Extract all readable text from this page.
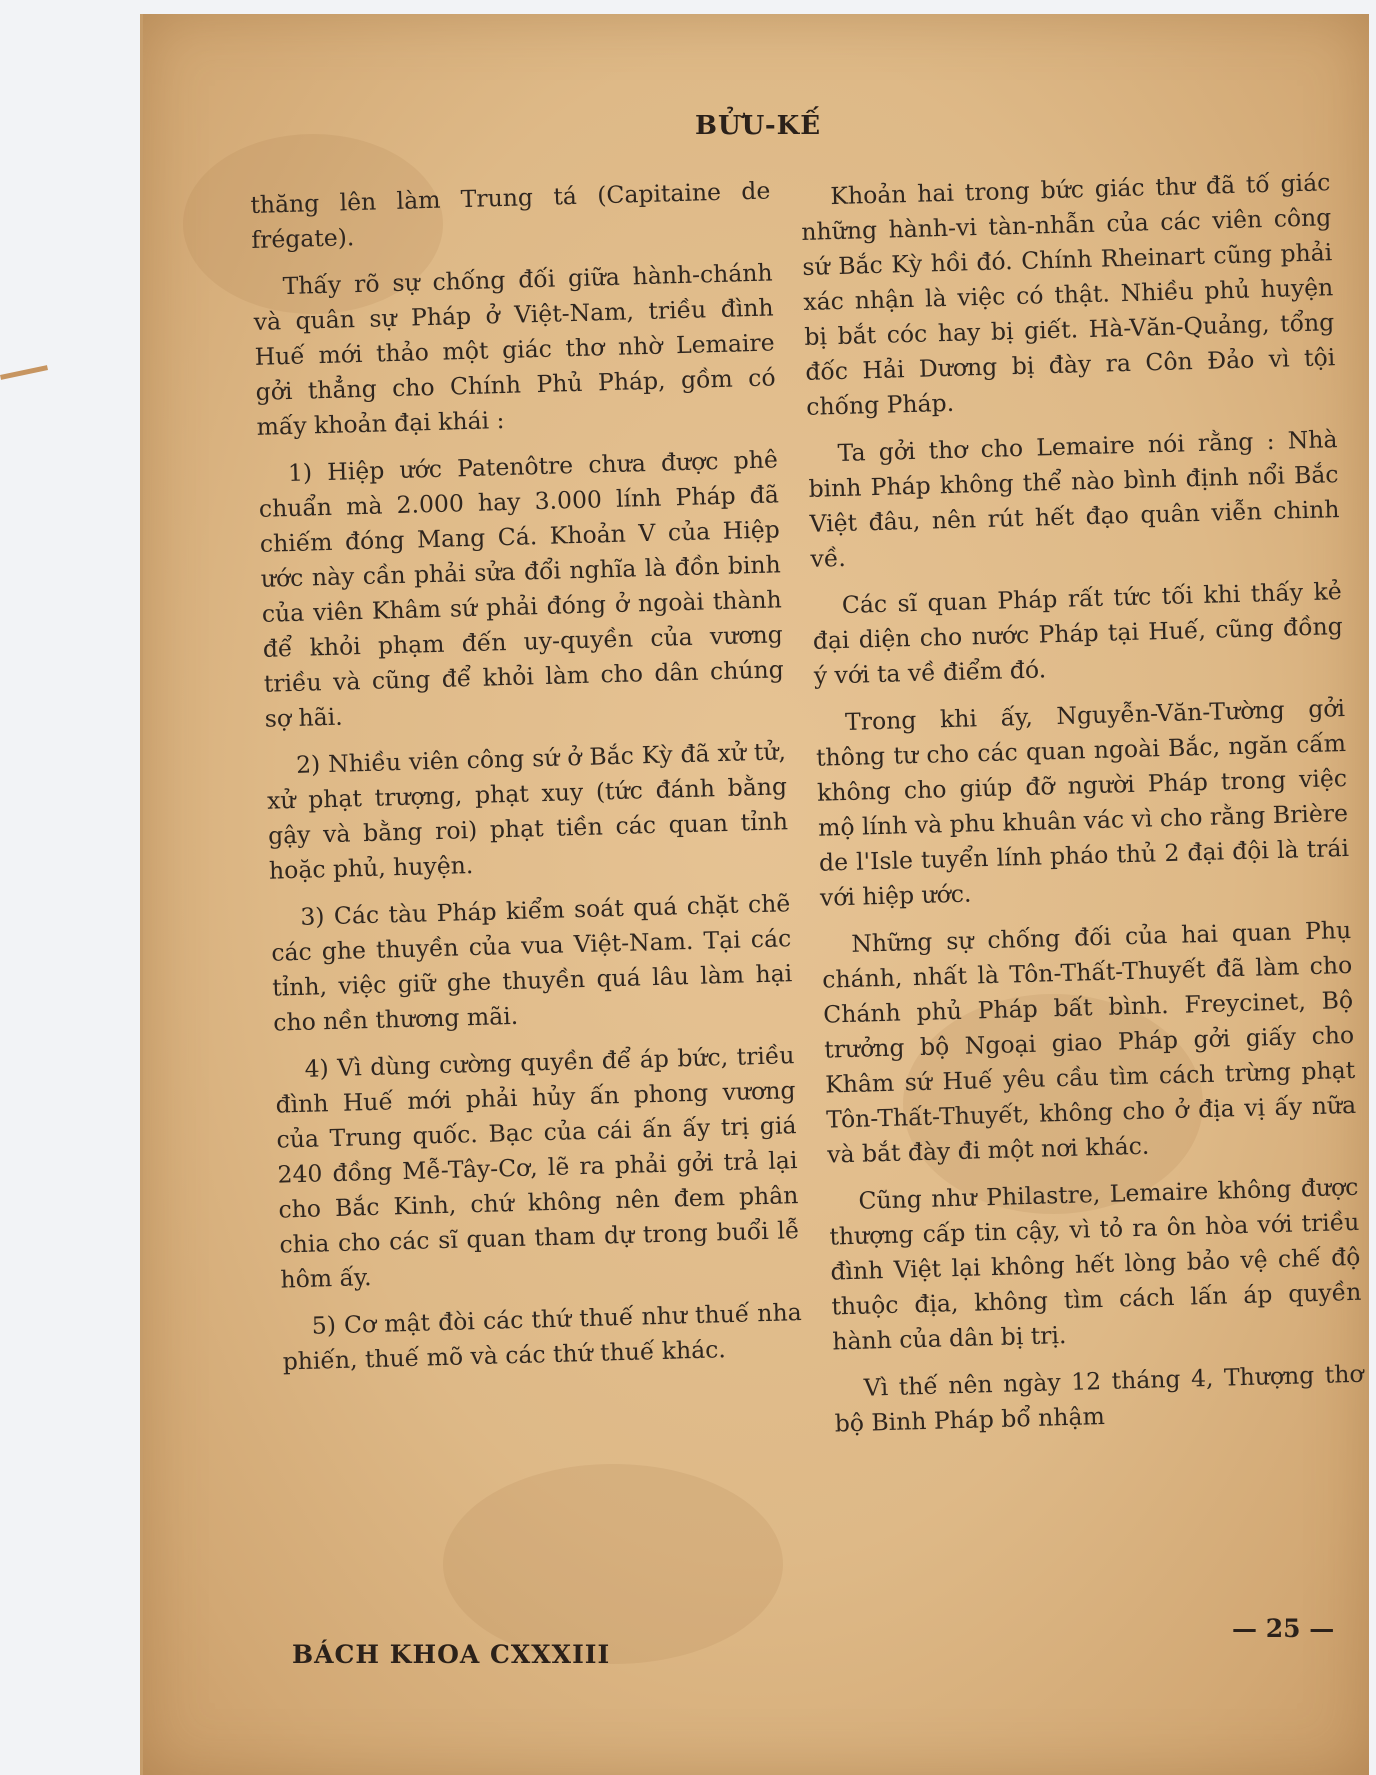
BỬU-KẾ

thăng lên làm Trung tá (Capitaine de frégate).

Thấy rõ sự chống đối giữa hành-chánh và quân sự Pháp ở Việt-Nam, triều đình Huế mới thảo một giác thơ nhờ Lemaire gởi thẳng cho Chính Phủ Pháp, gồm có mấy khoản đại khái :

1) Hiệp ước Patenôtre chưa được phê chuẩn mà 2.000 hay 3.000 lính Pháp đã chiếm đóng Mang Cá. Khoản V của Hiệp ước này cần phải sửa đổi nghĩa là đồn binh của viên Khâm sứ phải đóng ở ngoài thành để khỏi phạm đến uy-quyền của vương triều và cũng để khỏi làm cho dân chúng sợ hãi.

2) Nhiều viên công sứ ở Bắc Kỳ đã xử tử, xử phạt trượng, phạt xuy (tức đánh bằng gậy và bằng roi) phạt tiền các quan tỉnh hoặc phủ, huyện.

3) Các tàu Pháp kiểm soát quá chặt chẽ các ghe thuyền của vua Việt-Nam. Tại các tỉnh, việc giữ ghe thuyền quá lâu làm hại cho nền thương mãi.

4) Vì dùng cường quyền để áp bức, triều đình Huế mới phải hủy ấn phong vương của Trung quốc. Bạc của cái ấn ấy trị giá 240 đồng Mễ-Tây-Cơ, lẽ ra phải gởi trả lại cho Bắc Kinh, chứ không nên đem phân chia cho các sĩ quan tham dự trong buổi lễ hôm ấy.

5) Cơ mật đòi các thứ thuế như thuế nha phiến, thuế mõ và các thứ thuế khác.

Khoản hai trong bức giác thư đã tố giác những hành-vi tàn-nhẫn của các viên công sứ Bắc Kỳ hồi đó. Chính Rheinart cũng phải xác nhận là việc có thật. Nhiều phủ huyện bị bắt cóc hay bị giết. Hà-Văn-Quảng, tổng đốc Hải Dương bị đày ra Côn Đảo vì tội chống Pháp.

Ta gởi thơ cho Lemaire nói rằng : Nhà binh Pháp không thể nào bình định nổi Bắc Việt đâu, nên rút hết đạo quân viễn chinh về.

Các sĩ quan Pháp rất tức tối khi thấy kẻ đại diện cho nước Pháp tại Huế, cũng đồng ý với ta về điểm đó.

Trong khi ấy, Nguyễn-Văn-Tường gởi thông tư cho các quan ngoài Bắc, ngăn cấm không cho giúp đỡ người Pháp trong việc mộ lính và phu khuân vác vì cho rằng Brière de l'Isle tuyển lính pháo thủ 2 đại đội là trái với hiệp ước.

Những sự chống đối của hai quan Phụ chánh, nhất là Tôn-Thất-Thuyết đã làm cho Chánh phủ Pháp bất bình. Freycinet, Bộ trưởng bộ Ngoại giao Pháp gởi giấy cho Khâm sứ Huế yêu cầu tìm cách trừng phạt Tôn-Thất-Thuyết, không cho ở địa vị ấy nữa và bắt đày đi một nơi khác.

Cũng như Philastre, Lemaire không được thượng cấp tin cậy, vì tỏ ra ôn hòa với triều đình Việt lại không hết lòng bảo vệ chế độ thuộc địa, không tìm cách lấn áp quyền hành của dân bị trị.

Vì thế nên ngày 12 tháng 4, Thượng thơ bộ Binh Pháp bổ nhậm

BÁCH KHOA CXXXIII
— 25 —
